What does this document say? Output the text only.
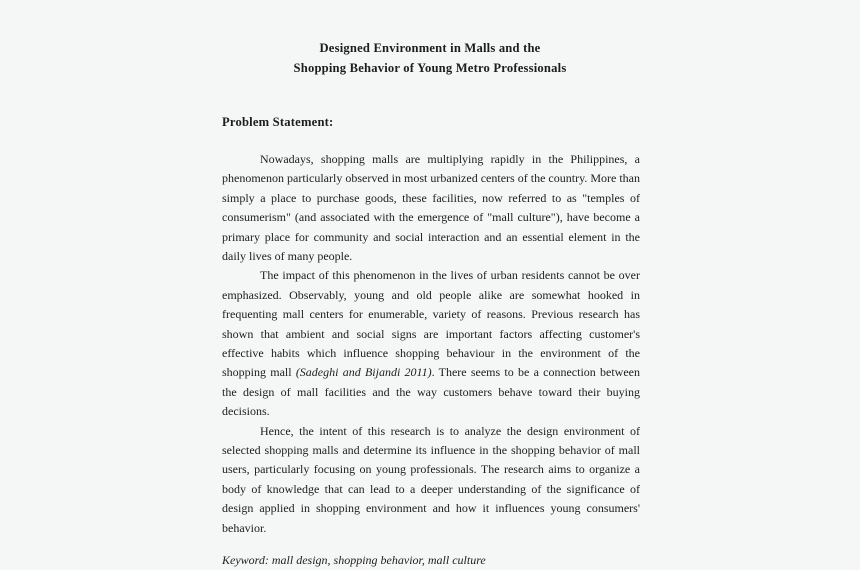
Designed Environment in Malls and the
Shopping Behavior of Young Metro Professionals
Problem Statement:

Nowadays, shopping malls are multiplying rapidly in the Philippines, a phenomenon particularly observed in most urbanized centers of the country. More than simply a place to purchase goods, these facilities, now referred to as "temples of consumerism" (and associated with the emergence of "mall culture"), have become a primary place for community and social interaction and an essential element in the daily lives of many people.

The impact of this phenomenon in the lives of urban residents cannot be over emphasized. Observably, young and old people alike are somewhat hooked in frequenting mall centers for enumerable, variety of reasons. Previous research has shown that ambient and social signs are important factors affecting customer's effective habits which influence shopping behaviour in the environment of the shopping mall (Sadeghi and Bijandi 2011). There seems to be a connection between the design of mall facilities and the way customers behave toward their buying decisions.

Hence, the intent of this research is to analyze the design environment of selected shopping malls and determine its influence in the shopping behavior of mall users, particularly focusing on young professionals. The research aims to organize a body of knowledge that can lead to a deeper understanding of the significance of design applied in shopping environment and how it influences young consumers' behavior.

Keyword: mall design, shopping behavior, mall culture
